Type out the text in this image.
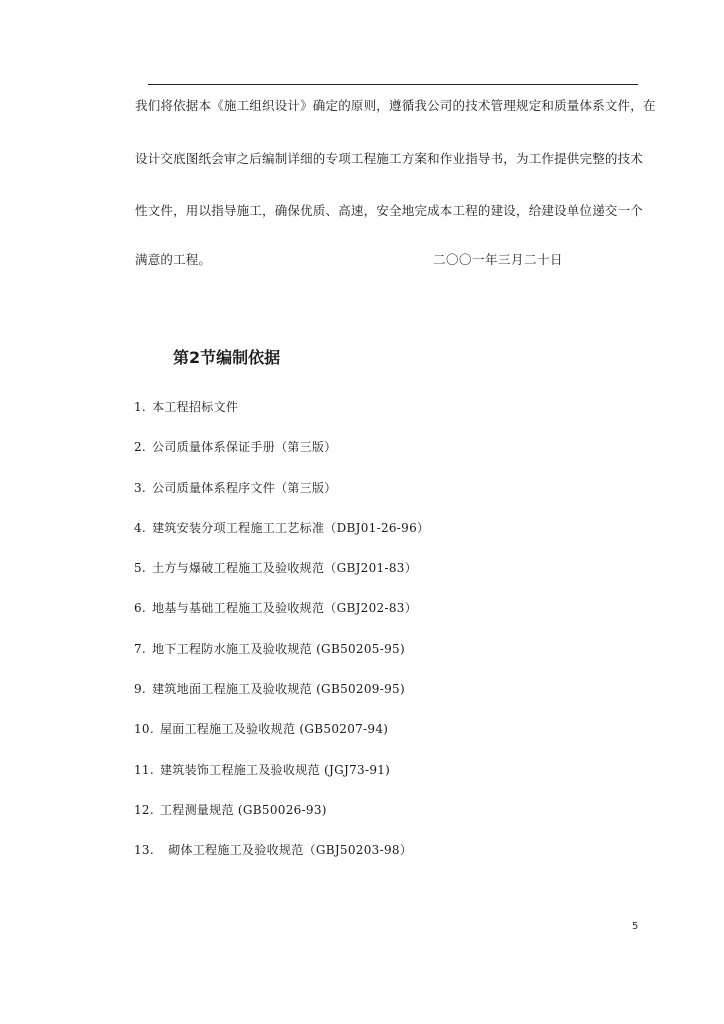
我们将依据本《施工组织设计》确定的原则，遵循我公司的技术管理规定和质量体系文件，在
设计交底图纸会审之后编制详细的专项工程施工方案和作业指导书，为工作提供完整的技术
性文件，用以指导施工，确保优质、高速，安全地完成本工程的建设，给建设单位递交一个
满意的工程。	二〇〇一年三月二十日
第2节编制依据
1. 本工程招标文件
2. 公司质量体系保证手册（第三版）
3. 公司质量体系程序文件（第三版）
4. 建筑安装分项工程施工工艺标准（DBJ01-26-96）
5. 土方与爆破工程施工及验收规范（GBJ201-83）
6. 地基与基础工程施工及验收规范（GBJ202-83）
7. 地下工程防水施工及验收规范 (GB50205-95)
9. 建筑地面工程施工及验收规范 (GB50209-95)
10. 屋面工程施工及验收规范 (GB50207-94)
11. 建筑装饰工程施工及验收规范 (JGJ73-91)
12. 工程测量规范 (GB50026-93)
13.  砌体工程施工及验收规范（GBJ50203-98）
5
